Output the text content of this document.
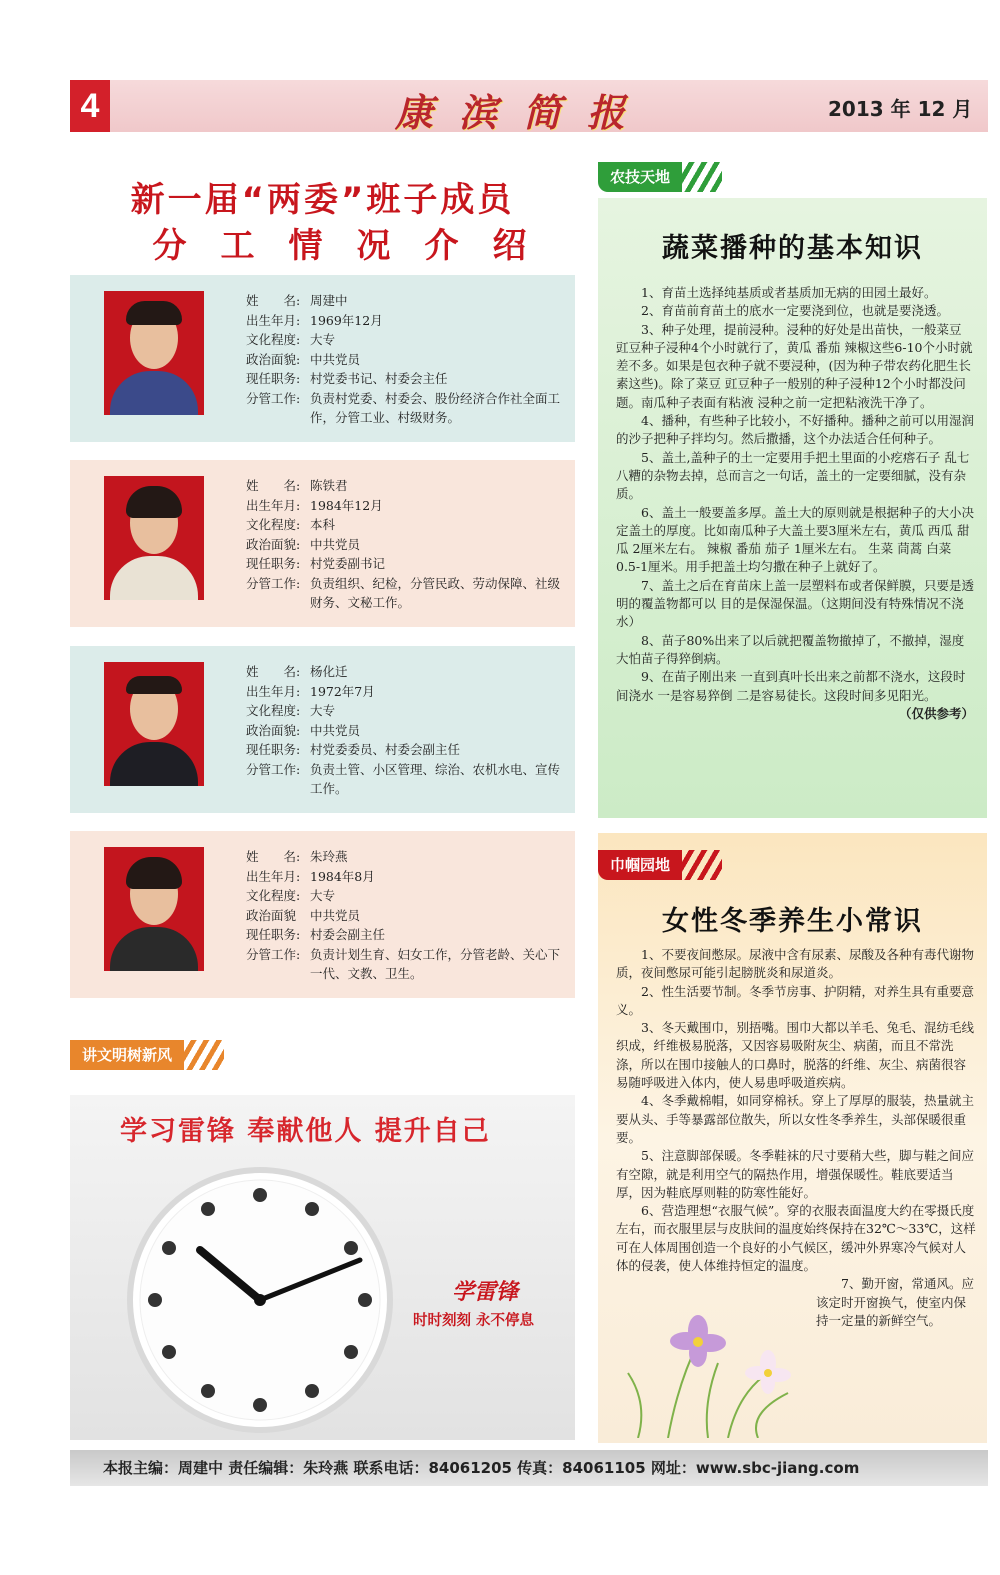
4	康滨简报	2013 年 12 月
新一届“两委”班子成员
分工情况介绍
姓　　名: 周建中
出生年月: 1969年12月
文化程度: 大专
政治面貌: 中共党员
现任职务: 村党委书记、村委会主任
分管工作: 负责村党委、村委会、股份经济合作社全面工作，分管工业、村级财务。
姓　　名: 陈铁君
出生年月: 1984年12月
文化程度: 本科
政治面貌: 中共党员
现任职务: 村党委副书记
分管工作: 负责组织、纪检，分管民政、劳动保障、社级财务、文秘工作。
姓　　名: 杨化迁
出生年月: 1972年7月
文化程度: 大专
政治面貌: 中共党员
现任职务: 村党委委员、村委会副主任
分管工作: 负责土管、小区管理、综治、农机水电、宣传工作。
姓　　名: 朱玲燕
出生年月: 1984年8月
文化程度: 大专
政治面貌	中共党员
现任职务: 村委会副主任
分管工作: 负责计划生育、妇女工作，分管老龄、关心下一代、文教、卫生。
讲文明树新风
学习雷锋 奉献他人 提升自己
学雷锋
时时刻刻 永不停息
农技天地
蔬菜播种的基本知识

1、育苗土选择纯基质或者基质加无病的田园土最好。

2、育苗前育苗土的底水一定要浇到位，也就是要浇透。

3、种子处理，提前浸种。浸种的好处是出苗快，一般菜豆 豇豆种子浸种4个小时就行了，黄瓜 番茄 辣椒这些6-10个小时就差不多。如果是包衣种子就不要浸种，(因为种子带农药化肥生长素这些)。除了菜豆 豇豆种子一般别的种子浸种12个小时都没问题。南瓜种子表面有粘液 浸种之前一定把粘液洗干净了。

4、播种，有些种子比较小，不好播种。播种之前可以用湿润的沙子把种子拌均匀。然后撒播，这个办法适合任何种子。

5、盖土,盖种子的土一定要用手把土里面的小疙瘩石子 乱七八糟的杂物去掉，总而言之一句话，盖土的一定要细腻，没有杂质。

6、盖土一般要盖多厚。盖土大的原则就是根据种子的大小决定盖土的厚度。比如南瓜种子大盖土要3厘米左右，黄瓜 西瓜 甜瓜 2厘米左右。 辣椒 番茄 茄子 1厘米左右。 生菜 茼蒿 白菜 0.5-1厘米。用手把盖土均匀撒在种子上就好了。

7、盖土之后在育苗床上盖一层塑料布或者保鲜膜，只要是透明的覆盖物都可以 目的是保湿保温。（这期间没有特殊情况不浇水）

8、苗子80%出来了以后就把覆盖物撤掉了，不撤掉，湿度大怕苗子得猝倒病。

9、在苗子刚出来 一直到真叶长出来之前都不浇水，这段时间浇水 一是容易猝倒 二是容易徒长。这段时间多见阳光。

（仅供参考）
巾帼园地
女性冬季养生小常识

1、不要夜间憋尿。尿液中含有尿素、尿酸及各种有毒代谢物质，夜间憋尿可能引起膀胱炎和尿道炎。

2、性生活要节制。冬季节房事、护阴精，对养生具有重要意义。

3、冬天戴围巾，别捂嘴。围巾大都以羊毛、兔毛、混纺毛线织成，纤维极易脱落，又因容易吸附灰尘、病菌，而且不常洗涤，所以在围巾接触人的口鼻时，脱落的纤维、灰尘、病菌很容易随呼吸进入体内，使人易患呼吸道疾病。

4、冬季戴棉帽，如同穿棉袄。穿上了厚厚的服装，热量就主要从头、手等暴露部位散失，所以女性冬季养生，头部保暖很重要。

5、注意脚部保暖。冬季鞋袜的尺寸要稍大些，脚与鞋之间应有空隙，就是利用空气的隔热作用，增强保暖性。鞋底要适当厚，因为鞋底厚则鞋的防寒性能好。

6、营造理想“衣服气候”。穿的衣服表面温度大约在零摄氏度左右，而衣服里层与皮肤间的温度始终保持在32℃～33℃，这样可在人体周围创造一个良好的小气候区，缓冲外界寒冷气候对人体的侵袭，使人体维持恒定的温度。

7、勤开窗，常通风。应该定时开窗换气，使室内保持一定量的新鲜空气。

本报主编：周建中 责任编辑：朱玲燕 联系电话：84061205 传真：84061105 网址：www.sbc-jiang.com
